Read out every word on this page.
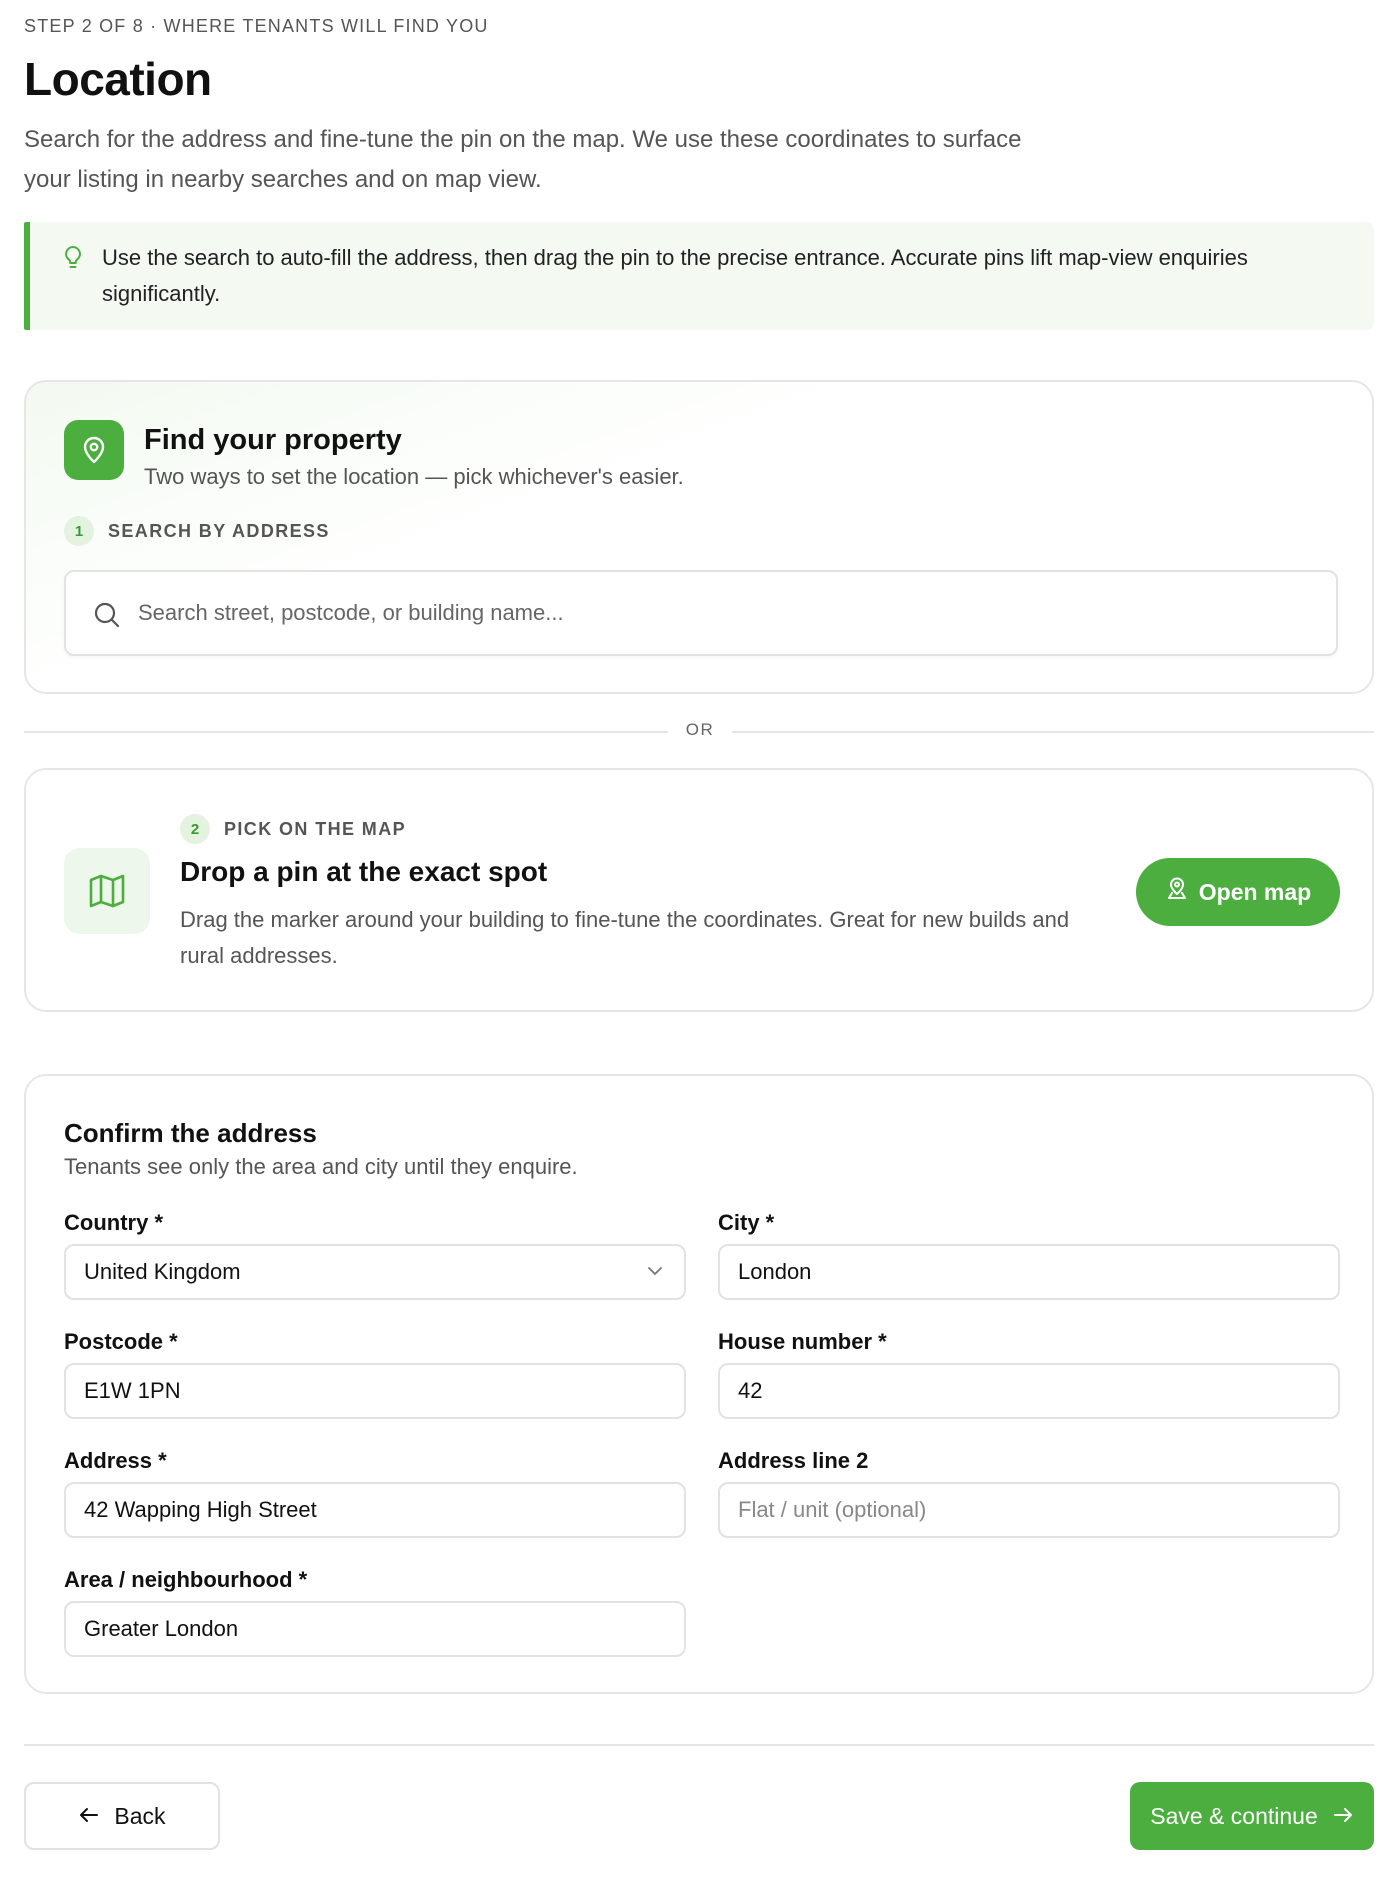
STEP 2 OF 8 · WHERE TENANTS WILL FIND YOU
Location

Search for the address and fine-tune the pin on the map. We use these coordinates to surface your listing in nearby searches and on map view.

Use the search to auto-fill the address, then drag the pin to the precise entrance. Accurate pins lift map-view enquiries significantly.

Find your property
Two ways to set the location — pick whichever's easier.
1	SEARCH BY ADDRESS
Search street, postcode, or building name...
OR
2	PICK ON THE MAP
Drop a pin at the exact spot

Drag the marker around your building to fine-tune the coordinates. Great for new builds and rural addresses.

Open map
Confirm the address
Tenants see only the area and city until they enquire.
Country *
United Kingdom
City *
London
Postcode *
E1W 1PN
House number *
42
Address *
42 Wapping High Street
Address line 2
Flat / unit (optional)
Area / neighbourhood *
Greater London
Back	Save & continue
